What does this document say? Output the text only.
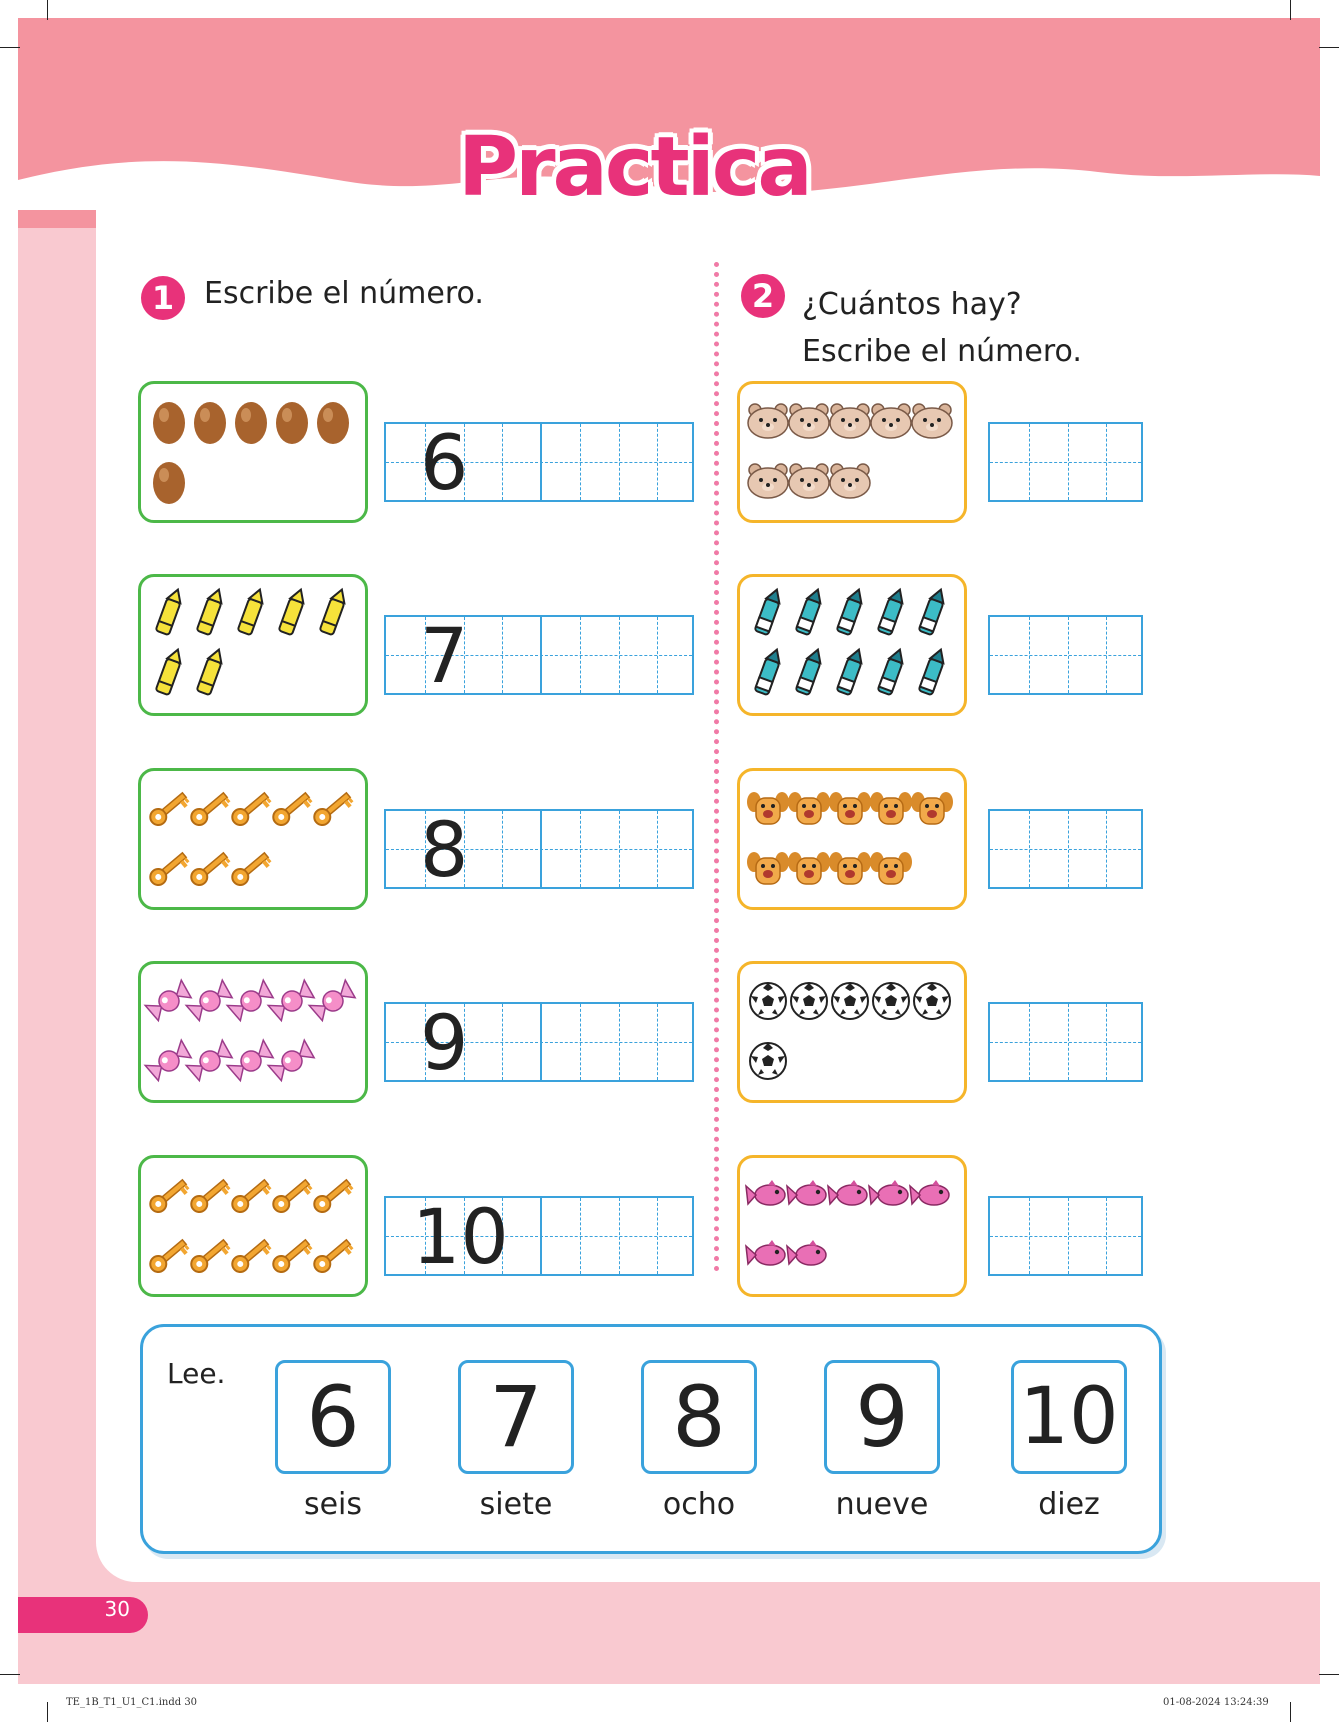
Practica
1 Escribe el número.	2 ¿Cuántos hay?
Escribe el número.
6
7
8
9
10
Lee. 6
seis
7
siete
8
ocho
9
nueve
10
diez
30
TE_1B_T1_U1_C1.indd 30	01-08-2024 13:24:39
